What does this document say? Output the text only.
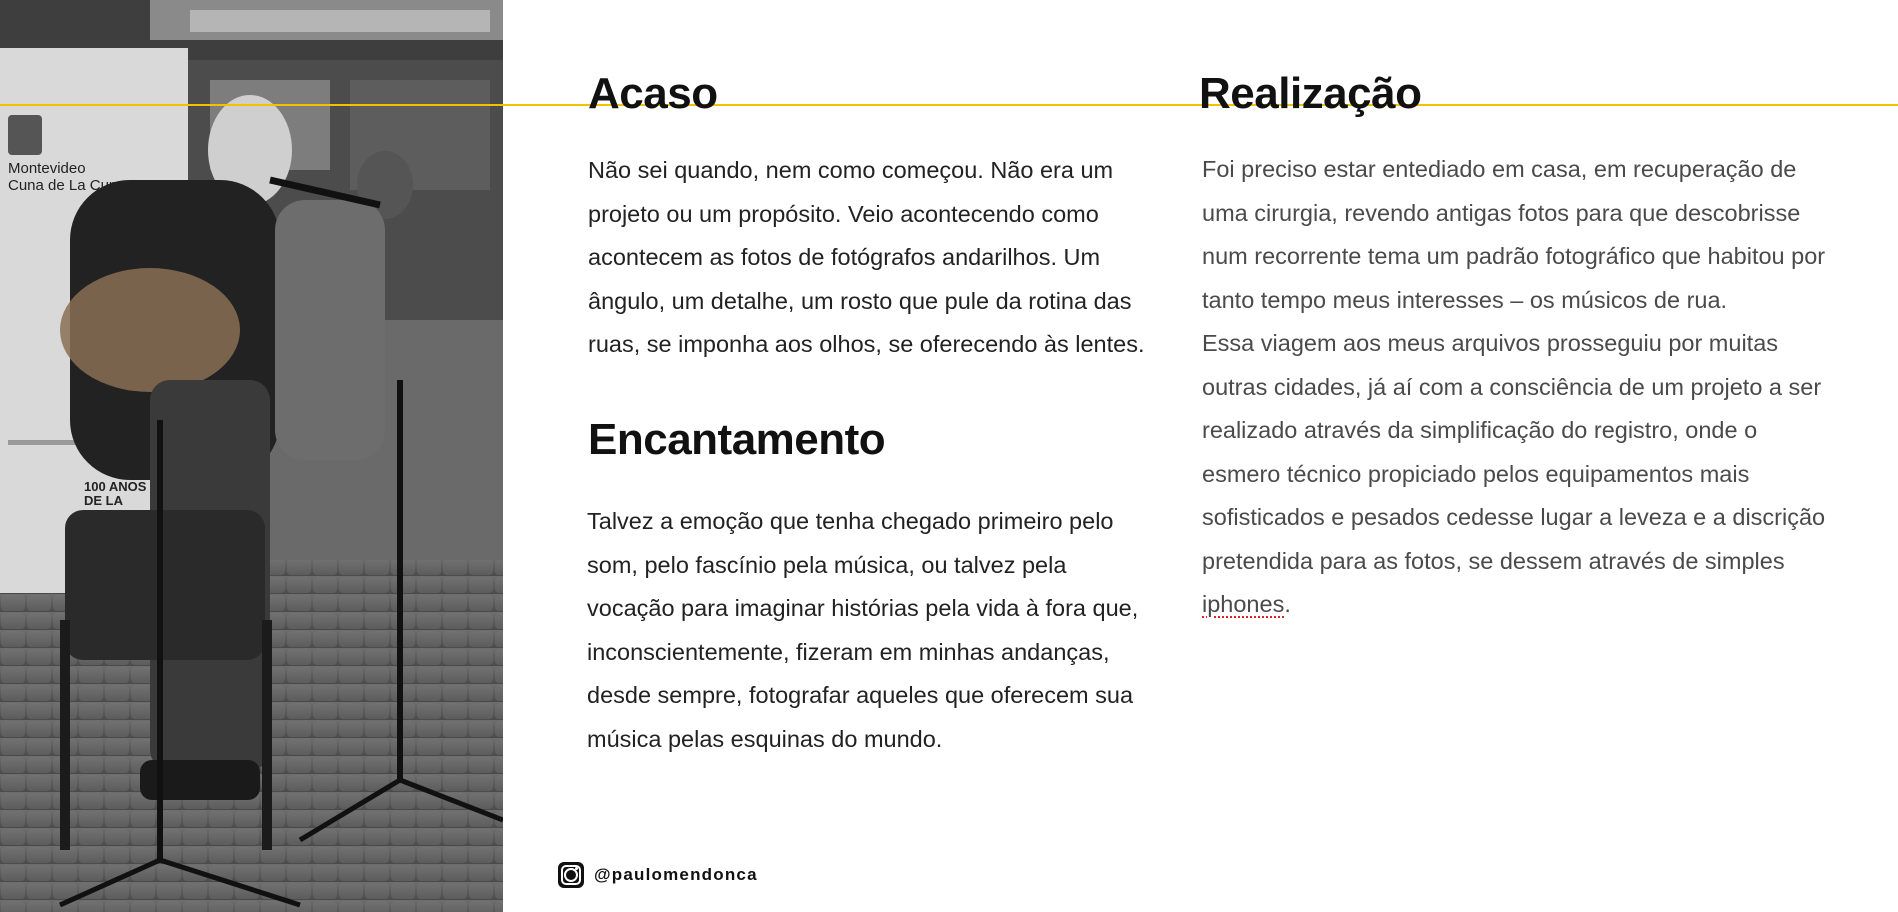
Montevideo
Cuna de La Cump
100 ANOS
DE LA
Acaso

Não sei quando, nem como começou. Não era um
projeto ou um propósito. Veio acontecendo como
acontecem as fotos de fotógrafos andarilhos. Um
ângulo, um detalhe, um rosto que pule da rotina das
ruas, se imponha aos olhos, se oferecendo às lentes.

Encantamento

Talvez a emoção que tenha chegado primeiro pelo
som, pelo fascínio pela música, ou talvez pela
vocação para imaginar histórias pela vida à fora que,
inconscientemente, fizeram em minhas andanças,
desde sempre, fotografar aqueles que oferecem sua
música pelas esquinas do mundo.

Realização

Foi preciso estar entediado em casa, em recuperação de
uma cirurgia, revendo antigas fotos para que descobrisse
num recorrente tema um padrão fotográfico que habitou por
tanto tempo meus interesses – os músicos de rua.
Essa viagem aos meus arquivos prosseguiu por muitas
outras cidades, já aí com a consciência de um projeto a ser
realizado através da simplificação do registro, onde o
esmero técnico propiciado pelos equipamentos mais
sofisticados e pesados cedesse lugar a leveza e a discrição
pretendida para as fotos, se dessem através de simples
iphones.

@paulomendonca
